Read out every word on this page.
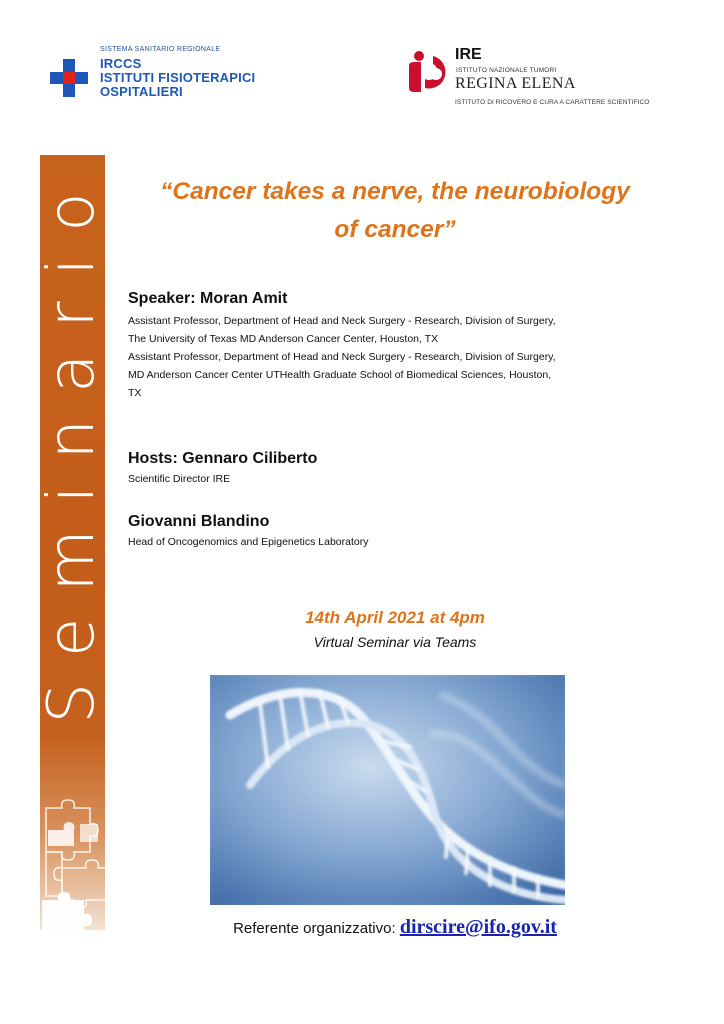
SISTEMA SANITARIO REGIONALE
IRCCS
ISTITUTI FISIOTERAPICI
OSPITALIERI
IRE
ISTITUTO NAZIONALE TUMORI
REGINA ELENA
ISTITUTO DI RICOVERO E CURA A CARATTERE SCIENTIFICO
Seminario	“Cancer takes a nerve, the neurobiology
of cancer”
Speaker: Moran Amit
Assistant Professor, Department of Head and Neck Surgery - Research, Division of Surgery,
The University of Texas MD Anderson Cancer Center, Houston, TX
Assistant Professor, Department of Head and Neck Surgery - Research, Division of Surgery,
MD Anderson Cancer Center UTHealth Graduate School of Biomedical Sciences, Houston,
TX
Hosts: Gennaro Ciliberto
Scientific Director IRE
Giovanni Blandino
Head of Oncogenomics and Epigenetics Laboratory
14th April 2021 at 4pm
Virtual Seminar via Teams
Referente organizzativo: dirscire@ifo.gov.it
